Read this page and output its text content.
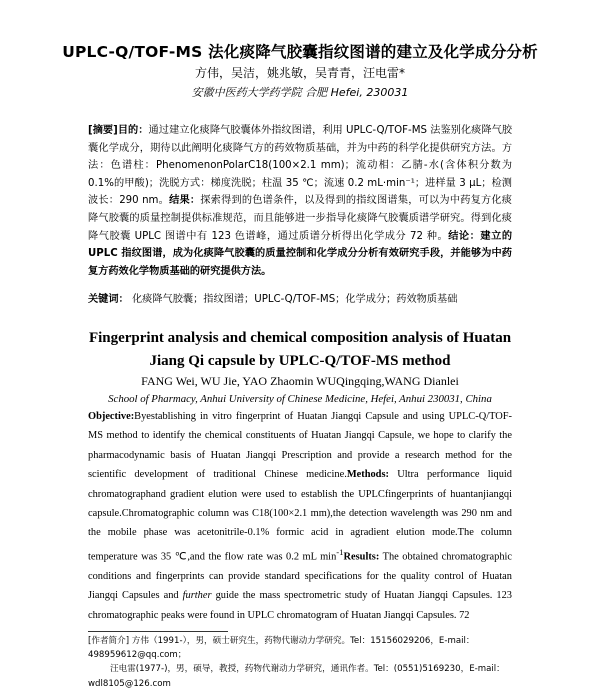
UPLC-Q/TOF-MS 法化痰降气胶囊指纹图谱的建立及化学成分分析
方伟，吴洁，姚兆敏，吴青青，汪电雷*
安徽中医药大学药学院 合肥 Hefei, 230031

[摘要]目的：通过建立化痰降气胶囊体外指纹图谱，利用 UPLC-Q/TOF-MS 法鉴别化痰降气胶囊化学成分，期待以此阐明化痰降气方的药效物质基础，并为中药的科学化提供研究方法。方法：色谱柱：PhenomenonPolarC18(100×2.1 mm)；流动相：乙腈-水(含体积分数为 0.1%的甲酸)；洗脱方式：梯度洗脱；柱温 35 ℃；流速 0.2 mL·min⁻¹；进样量 3 μL；检测波长：290 nm。结果：探索得到的色谱条件，以及得到的指纹图谱集，可以为中药复方化痰降气胶囊的质量控制提供标准规范，而且能够进一步指导化痰降气胶囊质谱学研究。得到化痰降气胶囊 UPLC 图谱中有 123 色谱峰，通过质谱分析得出化学成分 72 种。结论：建立的 UPLC 指纹图谱，成为化痰降气胶囊的质量控制和化学成分分析有效研究手段，并能够为中药复方药效化学物质基础的研究提供方法。

关键词： 化痰降气胶囊；指纹图谱；UPLC-Q/TOF-MS；化学成分；药效物质基础

Fingerprint analysis and chemical composition analysis of Huatan
Jiang Qi capsule by UPLC-Q/TOF-MS method
FANG Wei, WU Jie, YAO Zhaomin WUQingqing,WANG Dianlei
School of Pharmacy, Anhui University of Chinese Medicine, Hefei, Anhui 230031, China

Objective:Byestablishing in vitro fingerprint of Huatan Jiangqi Capsule and using UPLC-Q/TOF-MS method to identify the chemical constituents of Huatan Jiangqi Capsule, we hope to clarify the pharmacodynamic basis of Huatan Jiangqi Prescription and provide a research method for the scientific development of traditional Chinese medicine.Methods: Ultra performance liquid chromatographand gradient elution were used to establish the UPLCfingerprints of huantanjiangqi capsule.Chromatographic column was C18(100×2.1 mm),the detection wavelength was 290 nm and the mobile phase was acetonitrile-0.1% formic acid in agradient elution mode.The column temperature was 35 ℃,and the flow rate was 0.2 mL $\min^{-1}Results$: The obtained chromatographic conditions and fingerprints can provide standard specifications for the quality control of Huatan Jiangqi Capsules and further guide the mass spectrometric study of Huatan Jiangqi Capsules. 123 chromatographic peaks were found in UPLC chromatogram of Huatan Jiangqi Capsules. 72

[作者简介] 方伟（1991-），男，硕士研究生，药物代谢动力学研究。Tel：15156029206，E-mail：

498959612@qq.com；

汪电雷(1977-)，男，硕导，教授，药物代谢动力学研究，通讯作者。Tel：(0551)5169230，E-mail：

wdl8105@126.com
